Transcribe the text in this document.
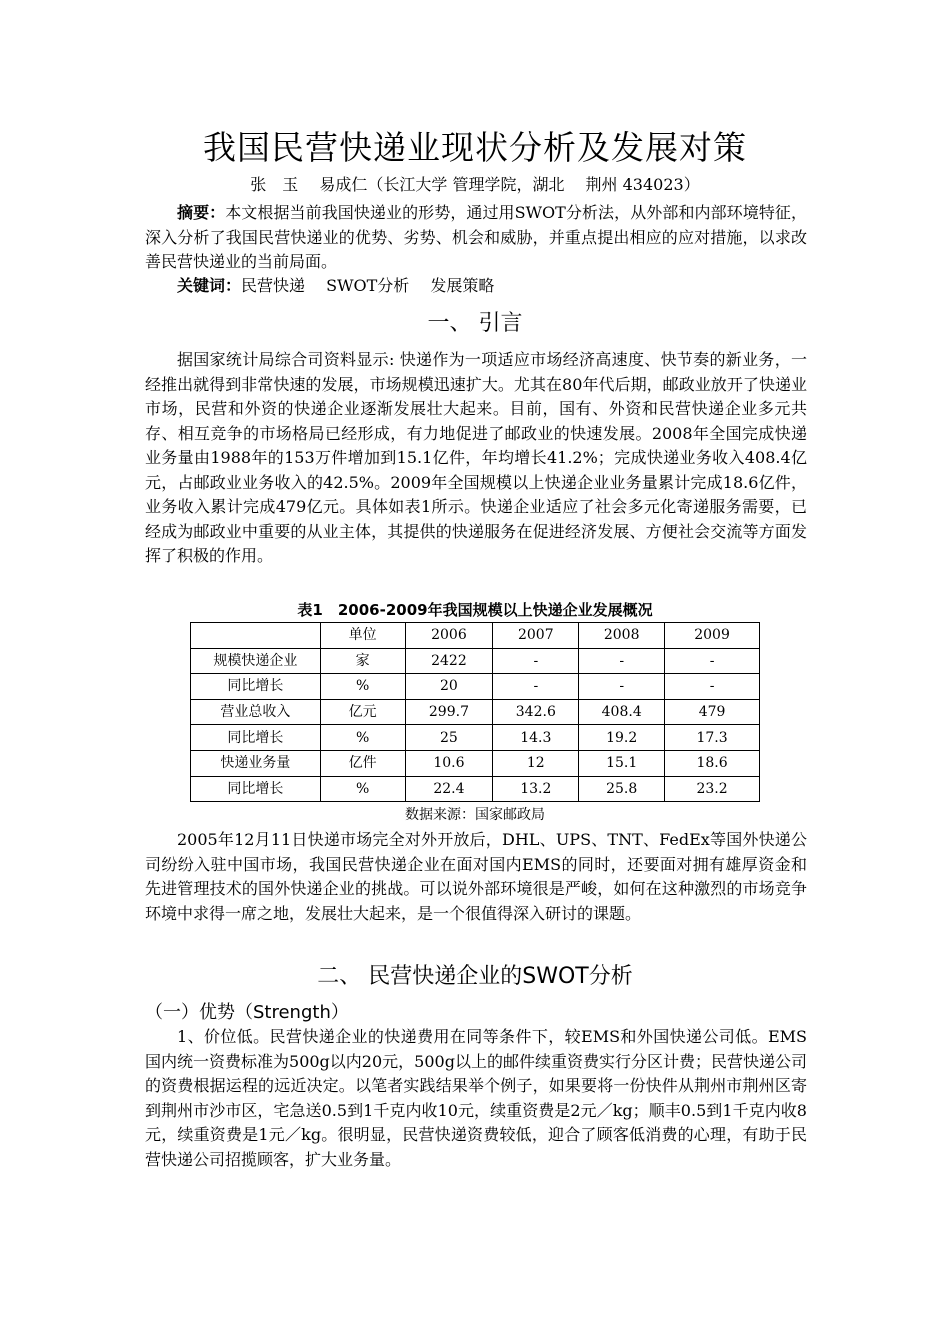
我国民营快递业现状分析及发展对策
张　玉　 易成仁（长江大学 管理学院，湖北　 荆州 434023）

摘要：本文根据当前我国快递业的形势，通过用SWOT分析法，从外部和内部环境特征，深入分析了我国民营快递业的优势、劣势、机会和威胁，并重点提出相应的应对措施，以求改善民营快递业的当前局面。

关键词：民营快递　 SWOT分析　 发展策略

一、 引言

据国家统计局综合司资料显示: 快递作为一项适应市场经济高速度、快节奏的新业务，一经推出就得到非常快速的发展，市场规模迅速扩大。尤其在80年代后期，邮政业放开了快递业市场，民营和外资的快递企业逐渐发展壮大起来。目前，国有、外资和民营快递企业多元共存、相互竞争的市场格局已经形成，有力地促进了邮政业的快速发展。2008年全国完成快递业务量由1988年的153万件增加到15.1亿件，年均增长41.2%；完成快递业务收入408.4亿元，占邮政业业务收入的42.5%。2009年全国规模以上快递企业业务量累计完成18.6亿件，业务收入累计完成479亿元。具体如表1所示。快递企业适应了社会多元化寄递服务需要，已经成为邮政业中重要的从业主体，其提供的快递服务在促进经济发展、方便社会交流等方面发挥了积极的作用。

表1　2006-2009年我国规模以上快递企业发展概况
	单位	2006	2007	2008	2009
规模快递企业	家	2422	-	-	-
同比增长	%	20	-	-	-
营业总收入	亿元	299.7	342.6	408.4	479
同比增长	%	25	14.3	19.2	17.3
快递业务量	亿件	10.6	12	15.1	18.6
同比增长	%	22.4	13.2	25.8	23.2
数据来源：国家邮政局

2005年12月11日快递市场完全对外开放后，DHL、UPS、TNT、FedEx等国外快递公司纷纷入驻中国市场，我国民营快递企业在面对国内EMS的同时，还要面对拥有雄厚资金和先进管理技术的国外快递企业的挑战。可以说外部环境很是严峻，如何在这种激烈的市场竞争环境中求得一席之地，发展壮大起来，是一个很值得深入研讨的课题。

二、 民营快递企业的SWOT分析
（一）优势（Strength）

1、价位低。民营快递企业的快递费用在同等条件下，较EMS和外国快递公司低。EMS国内统一资费标准为500g以内20元，500g以上的邮件续重资费实行分区计费；民营快递公司的资费根据运程的远近决定。以笔者实践结果举个例子，如果要将一份快件从荆州市荆州区寄到荆州市沙市区，宅急送0.5到1千克内收10元，续重资费是2元／kg；顺丰0.5到1千克内收8元，续重资费是1元／kg。很明显，民营快递资费较低，迎合了顾客低消费的心理，有助于民营快递公司招揽顾客，扩大业务量。
